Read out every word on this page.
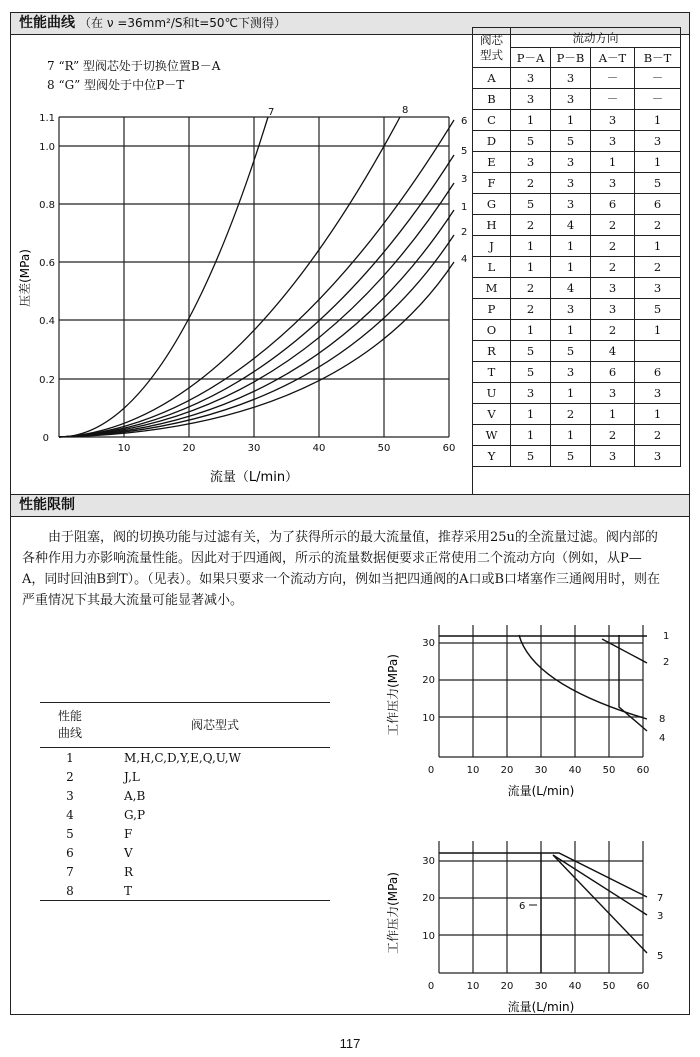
性能曲线 （在 ν =36mm²/S和t=50℃下测得）
7 “R” 型阀芯处于切换位置B－A
8 “G” 型阀处于中位P－T
7	8
6
5
3
1
2
4
0
0.2
0.4
0.6
0.8
1.0
1.1
10	20	30	40	50	60
压差(MPa)
流量（L/min）
性能限制
1
2
8
4
30
20
10
0	10 20 30 40 50 60
工作压力(MPa)
流量(L/min)
6
7
3
5
30
20
10
0	10 20 30 40 50 60
工作压力(MPa)
流量(L/min)
阀芯型式	流动方向			
	P－A	P－B	A－T	B－T
A	3	3	－	－
B	3	3	－	－
C	1	1	3	1
D	5	5	3	3
E	3	3	1	1
F	2	3	3	5
G	5	3	6	6
H	2	4	2	2
J	1	1	2	1
L	1	1	2	2
M	2	4	3	3
P	2	3	3	5
O	1	1	2	1
R	5	5	4	
T	5	3	6	6
U	3	1	3	3
V	1	2	1	1
W	1	1	2	2
Y	5	5	3	3
由于阻塞，阀的切换功能与过滤有关，为了获得所示的最大流量值，推荐采用25u的全流量过滤。阀内部的各种作用力亦影响流量性能。因此对于四通阀，所示的流量数据便要求正常使用二个流动方向（例如，从P—A，同时回油B到T）。（见表）。如果只要求一个流动方向，例如当把四通阀的A口或B口堵塞作三通阀用时，则在严重情况下其最大流量可能显著减小。
性能曲线	阀芯型式
1	M,H,C,D,Y,E,Q,U,W
2	J,L
3	A,B
4	G,P
5	F
6	V
7	R
8	T
117
